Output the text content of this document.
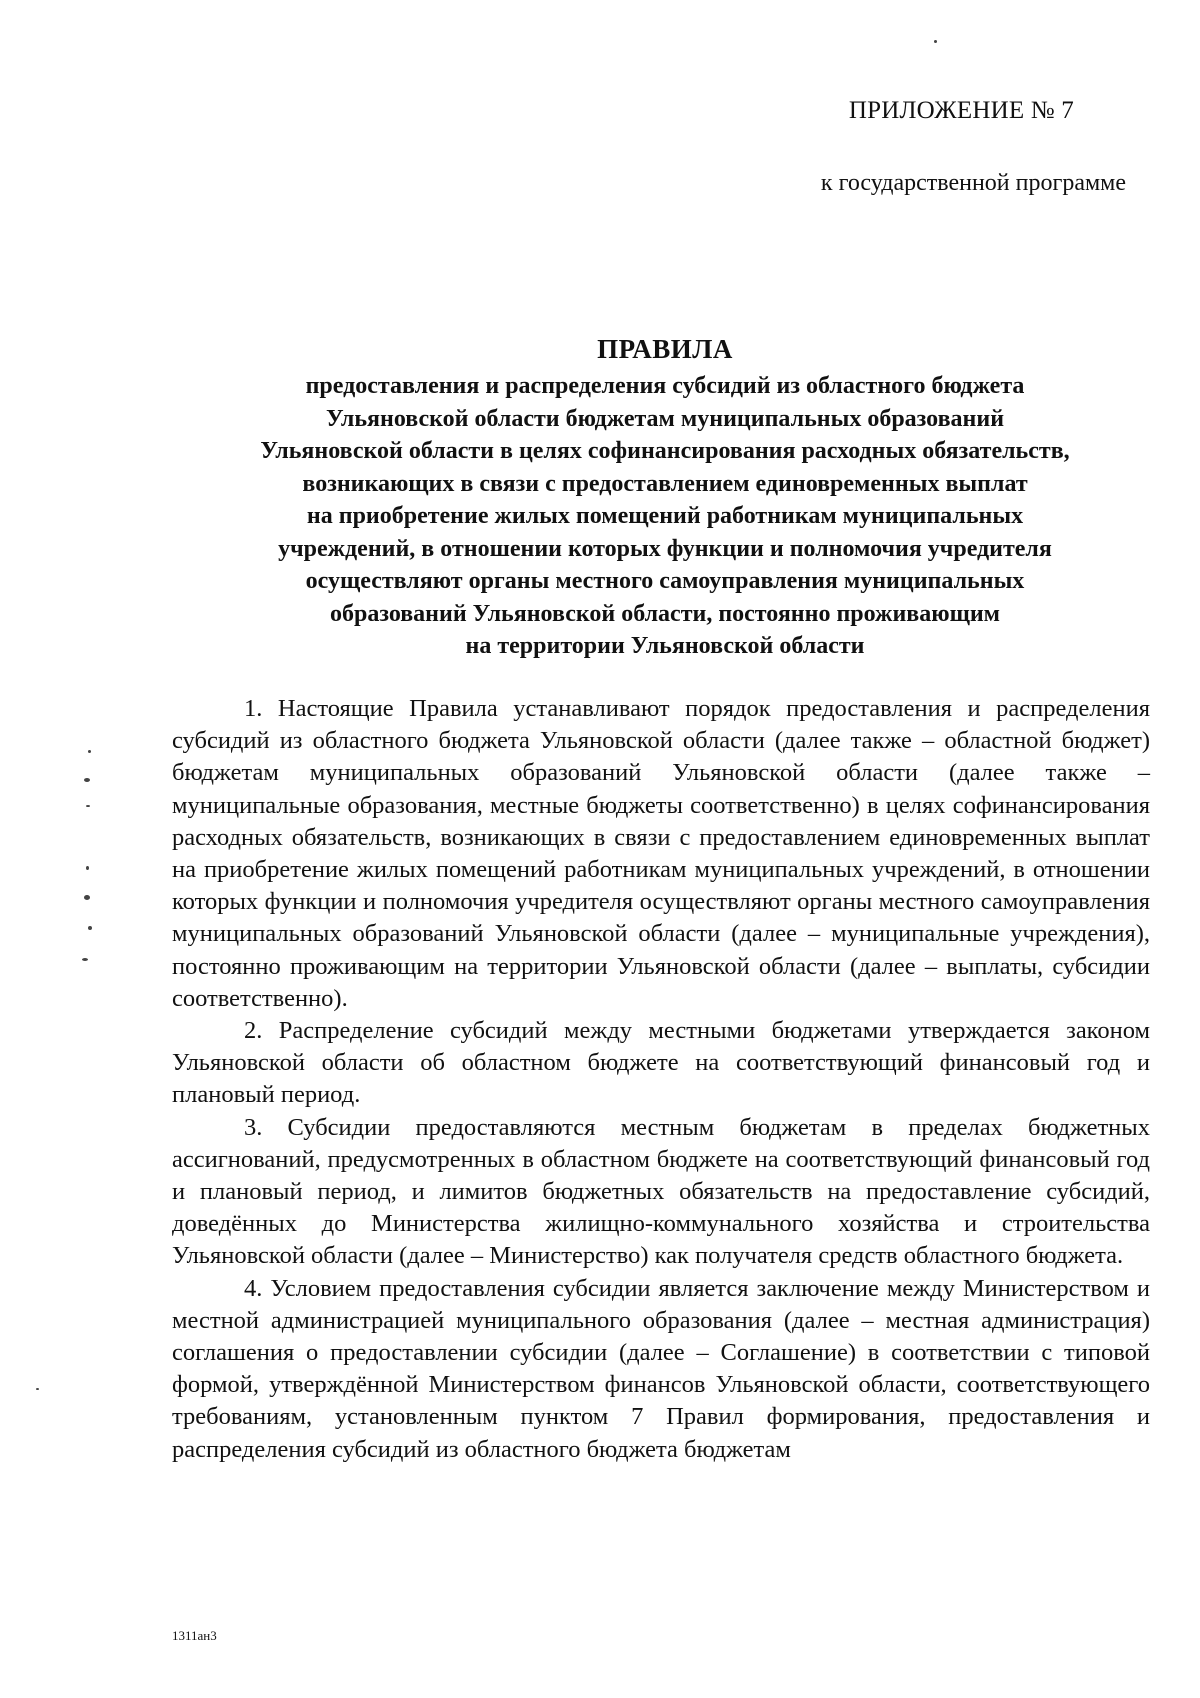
ПРИЛОЖЕНИЕ № 7
к государственной программе
ПРАВИЛА
предоставления и распределения субсидий из областного бюджета
Ульяновской области бюджетам муниципальных образований
Ульяновской области в целях софинансирования расходных обязательств,
возникающих в связи с предоставлением единовременных выплат
на приобретение жилых помещений работникам муниципальных
учреждений, в отношении которых функции и полномочия учредителя
осуществляют органы местного самоуправления муниципальных
образований Ульяновской области, постоянно проживающим
на территории Ульяновской области

1. Настоящие Правила устанавливают порядок предоставления и распределения субсидий из областного бюджета Ульяновской области (далее также – областной бюджет) бюджетам муниципальных образований Ульяновской области (далее также – муниципальные образования, местные бюджеты соответственно) в целях софинансирования расходных обязательств, возникающих в связи с предоставлением единовременных выплат на приобретение жилых помещений работникам муниципальных учреждений, в отношении которых функции и полномочия учредителя осуществляют органы местного самоуправления муниципальных образований Ульяновской области (далее – муниципальные учреждения), постоянно проживающим на территории Ульяновской области (далее – выплаты, субсидии соответственно).

2. Распределение субсидий между местными бюджетами утверждается законом Ульяновской области об областном бюджете на соответствующий финансовый год и плановый период.

3. Субсидии предоставляются местным бюджетам в пределах бюджетных ассигнований, предусмотренных в областном бюджете на соответствующий финансовый год и плановый период, и лимитов бюджетных обязательств на предоставление субсидий, доведённых до Министерства жилищно-коммунального хозяйства и строительства Ульяновской области (далее – Министерство) как получателя средств областного бюджета.

4. Условием предоставления субсидии является заключение между Министерством и местной администрацией муниципального образования (далее – местная администрация) соглашения о предоставлении субсидии (далее – Соглашение) в соответствии с типовой формой, утверждённой Министерством финансов Ульяновской области, соответствующего требованиям, установленным пунктом 7 Правил формирования, предоставления и распределения субсидий из областного бюджета бюджетам

1311ан3
